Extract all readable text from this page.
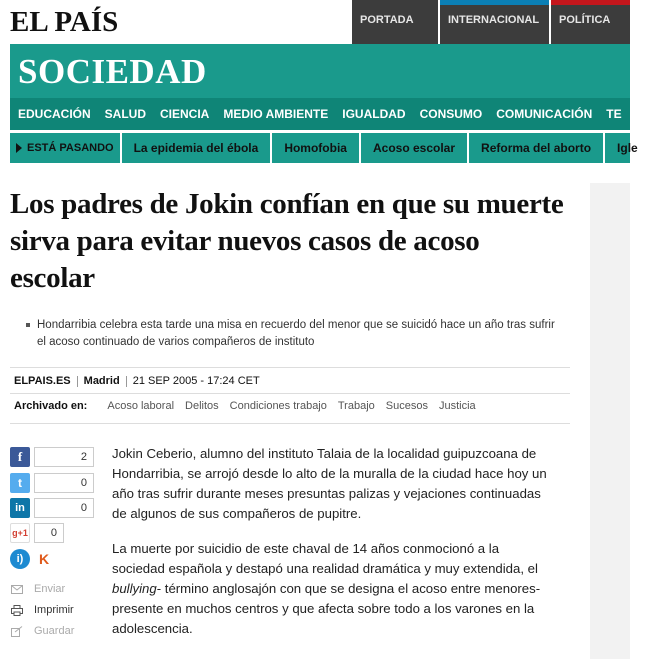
EL PAÍS	PORTADA	INTERNACIONAL	POLÍTICA
SOCIEDAD
EDUCACIÓN SALUD CIENCIA MEDIO AMBIENTE IGUALDAD CONSUMO COMUNICACIÓN TE
ESTÁ PASANDO	La epidemia del ébola	Homofobia	Acoso escolar	Reforma del aborto	Igle
Los padres de Jokin confían en que su muerte sirva para evitar nuevos casos de acoso escolar
Hondarribia celebra esta tarde una misa en recuerdo del menor que se suicidó hace un año tras sufrir el acoso continuado de varios compañeros de instituto
ELPAIS.ES Madrid 21 SEP 2005 - 17:24 CET
Archivado en: Acoso laboral Delitos Condiciones trabajo Trabajo Sucesos Justicia
f	2
t	0
in	0
g+1	0
i)	K
Enviar
Imprimir
Guardar

Jokin Ceberio, alumno del instituto Talaia de la localidad guipuzcoana de Hondarribia, se arrojó desde lo alto de la muralla de la ciudad hace hoy un año tras sufrir durante meses presuntas palizas y vejaciones continuadas de algunos de sus compañeros de pupitre.

La muerte por suicidio de este chaval de 14 años conmocionó a la sociedad española y destapó una realidad dramática y muy extendida, el bullying- término anglosajón con que se designa el acoso entre menores- presente en muchos centros y que afecta sobre todo a los varones en la adolescencia.
